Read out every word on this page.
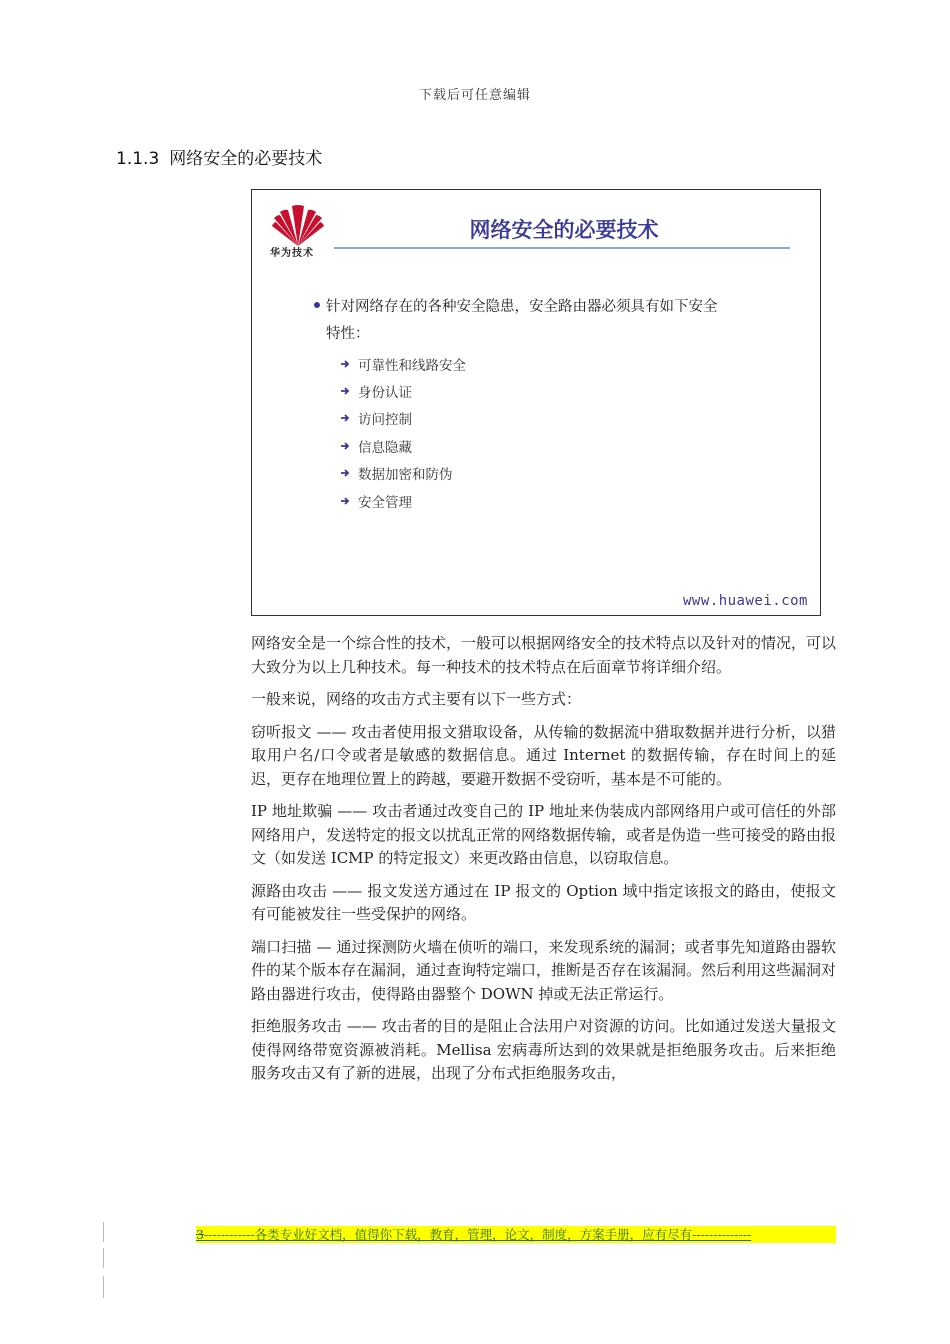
下载后可任意编辑
1.1.3 网络安全的必要技术
华为技术
网络安全的必要技术
针对网络存在的各种安全隐患，安全路由器必须具有如下安全
特性：
可靠性和线路安全
身份认证
访问控制
信息隐藏
数据加密和防伪
安全管理
www.huawei.com

网络安全是一个综合性的技术，一般可以根据网络安全的技术特点以及针对的情况，可以大致分为以上几种技术。每一种技术的技术特点在后面章节将详细介绍。

一般来说，网络的攻击方式主要有以下一些方式：

窃听报文 —— 攻击者使用报文猎取设备，从传输的数据流中猎取数据并进行分析，以猎取用户名/口令或者是敏感的数据信息。通过 Internet 的数据传输，存在时间上的延迟，更存在地理位置上的跨越，要避开数据不受窃听，基本是不可能的。

IP 地址欺骗 —— 攻击者通过改变自己的 IP 地址来伪装成内部网络用户或可信任的外部网络用户，发送特定的报文以扰乱正常的网络数据传输，或者是伪造一些可接受的路由报文（如发送 ICMP 的特定报文）来更改路由信息，以窃取信息。

源路由攻击 —— 报文发送方通过在 IP 报文的 Option 域中指定该报文的路由，使报文有可能被发往一些受保护的网络。

端口扫描 — 通过探测防火墙在侦听的端口，来发现系统的漏洞；或者事先知道路由器软件的某个版本存在漏洞，通过查询特定端口，推断是否存在该漏洞。然后利用这些漏洞对路由器进行攻击，使得路由器整个 DOWN 掉或无法正常运行。

拒绝服务攻击 —— 攻击者的目的是阻止合法用户对资源的访问。比如通过发送大量报文使得网络带宽资源被消耗。Mellisa 宏病毒所达到的效果就是拒绝服务攻击。后来拒绝服务攻击又有了新的进展，出现了分布式拒绝服务攻击，

3------------各类专业好文档，值得你下载，教育，管理，论文，制度，方案手册，应有尽有--------------
